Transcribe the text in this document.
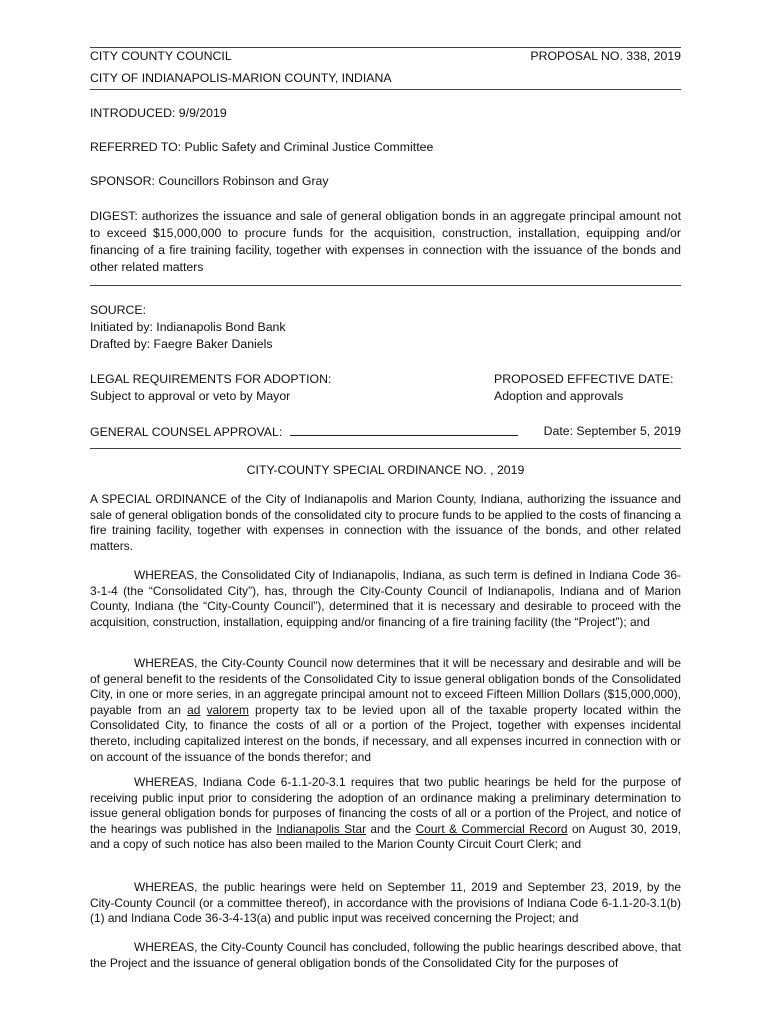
CITY COUNTY COUNCIL	PROPOSAL NO. 338, 2019
CITY OF INDIANAPOLIS-MARION COUNTY, INDIANA
INTRODUCED: 9/9/2019
REFERRED TO: Public Safety and Criminal Justice Committee
SPONSOR: Councillors Robinson and Gray
DIGEST: authorizes the issuance and sale of general obligation bonds in an aggregate principal amount not to exceed $15,000,000 to procure funds for the acquisition, construction, installation, equipping and/or financing of a fire training facility, together with expenses in connection with the issuance of the bonds and other related matters
SOURCE:
Initiated by: Indianapolis Bond Bank
Drafted by: Faegre Baker Daniels
LEGAL REQUIREMENTS FOR ADOPTION:
Subject to approval or veto by Mayor
PROPOSED EFFECTIVE DATE:
Adoption and approvals
GENERAL COUNSEL APPROVAL:	Date: September 5, 2019
CITY-COUNTY SPECIAL ORDINANCE NO. , 2019
A SPECIAL ORDINANCE of the City of Indianapolis and Marion County, Indiana, authorizing the issuance and sale of general obligation bonds of the consolidated city to procure funds to be applied to the costs of financing a fire training facility, together with expenses in connection with the issuance of the bonds, and other related matters.
WHEREAS, the Consolidated City of Indianapolis, Indiana, as such term is defined in Indiana Code 36-3-1-4 (the “Consolidated City”), has, through the City-County Council of Indianapolis, Indiana and of Marion County, Indiana (the “City-County Council”), determined that it is necessary and desirable to proceed with the acquisition, construction, installation, equipping and/or financing of a fire training facility (the “Project”); and
WHEREAS, the City-County Council now determines that it will be necessary and desirable and will be of general benefit to the residents of the Consolidated City to issue general obligation bonds of the Consolidated City, in one or more series, in an aggregate principal amount not to exceed Fifteen Million Dollars ($15,000,000), payable from an ad valorem property tax to be levied upon all of the taxable property located within the Consolidated City, to finance the costs of all or a portion of the Project, together with expenses incidental thereto, including capitalized interest on the bonds, if necessary, and all expenses incurred in connection with or on account of the issuance of the bonds therefor; and
WHEREAS, Indiana Code 6-1.1-20-3.1 requires that two public hearings be held for the purpose of receiving public input prior to considering the adoption of an ordinance making a preliminary determination to issue general obligation bonds for purposes of financing the costs of all or a portion of the Project, and notice of the hearings was published in the Indianapolis Star and the Court & Commercial Record on August 30, 2019, and a copy of such notice has also been mailed to the Marion County Circuit Court Clerk; and
WHEREAS, the public hearings were held on September 11, 2019 and September 23, 2019, by the City-County Council (or a committee thereof), in accordance with the provisions of Indiana Code 6-1.1-20-3.1(b)(1) and Indiana Code 36-3-4-13(a) and public input was received concerning the Project; and
WHEREAS, the City-County Council has concluded, following the public hearings described above, that the Project and the issuance of general obligation bonds of the Consolidated City for the purposes of
